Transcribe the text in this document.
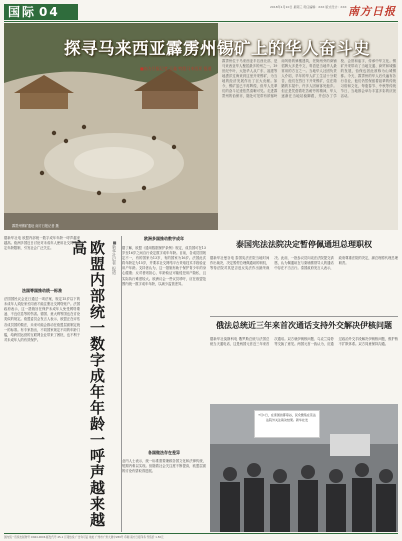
国际 04	2018年1月10日 星期三 责任编辑：XXX 版式设计：XXX 南方日报
探寻马来西亚霹雳州锡矿上的华人奋斗史
■南方日报记者 王鑫 特派马来西亚 报道
霹雳州锡矿遗址 南方日报记者 摄
霹雳州位于马来西亚半岛西北部，是马来西亚华人聚居最多的州之一。19世纪中叶，大批华人从广东、福建等地漂洋过海来到这里开采锡矿，为当地的经济发展作出了巨大贡献。如今，锡矿虽已不再辉煌，但华人先辈们的奋斗足迹依然清晰可见。走进霹雳州的怡保市，随处可见带有浓郁岭南风格的骑楼建筑，老街两旁的商铺招牌大多是中文，粤语是当地华人最常用的方言之一。当地华人社团负责人介绍，早年的华人矿工生活十分艰苦，他们在烈日下开采锡矿，住在简陋的木屋中，许多人因病客死他乡。但正是凭借着吃苦耐劳的精神，华人逐渐在当地站稳脚跟，并创办了学校、会馆和庙宇，传承中华文化。锡矿开采带动了当地交通、商贸和城镇的发展，怡保也因此被称为山城锡都。今天，霹雳州的华人后代遍布各行各业，他们仍然保留着祖辈的传统习俗和文化，每逢春节、中秋等传统节日，当地都会举办丰富多彩的庆祝活动。
据新华社电 欧盟内部统一数字成年年龄一呼声越来越高。欧洲多国近日讨论对未成年人使用社交网络设定年龄限制，引发社会广泛关注。
法国等国推动统一标准
法国国民议会近日通过一项法案，规定15岁以下的未成年人须经家长同意才能注册社交网络账户。法国政府表示，这一措施旨在保护未成年人免受网络欺凌、不良信息等的伤害。德国、意大利等国也在讨论类似的规定。欧盟委员会发言人表示，欧盟正在评估各成员国的做法，未来可能会推动在欧盟层面制定统一的标准。有专家指出，不同国家规定不同的年龄门槛，给跨国运营的互联网企业带来了困扰，也不利于对未成年人的有效保护。	欧盟内部统一数字成年年龄一呼声越来越高	■新华社记者 报道
欧洲多国推动数字成年
据了解，欧盟《通用数据保护条例》规定，成员国可在13岁至16岁之间自行设定数字成年年龄。目前，各成员国规定不一，有的国家为13岁，有的国家为16岁。法国此次将年龄定为15岁，并要求社交网络平台采取技术手段验证用户年龄。支持者认为，这一措施有助于保护青少年的身心健康；反对者则担心，年龄验证可能侵犯用户隐私，且实际执行难度较大。欧洲议会一些议员呼吁，应在欧盟范围内统一数字成年年龄，以减少监管差异。
各国做法存在差异
业内人士表示，统一标准需要兼顾各国文化和法律传统，短期内难以实现。但随着社会关注度不断提高，欧盟层面的讨论有望取得进展。
泰国宪法法院决定暂停佩通坦总理职权
据新华社曼谷电 泰国宪法法院当地时间作出裁决，决定暂停总理佩通坦的职权，等待法院对其是否违反宪法作出最终裁决。此前，一批参议员向宪法法院提交请愿，认为佩通坦在与柬埔寨领导人的通话中存在不当言行。泰国政府发言人表示，政府尊重法院的决定，副总理将代理总理职责。
俄法总统近三年来首次通话支持外交解决伊核问题
据新华社莫斯科电 俄罗斯总统与法国总统当天通电话，这是两国元首近三年来首次通话。双方就伊朗核问题、乌克兰局势等交换了意见。两国元首一致认为，应通过政治外交手段解决伊朗核问题，维护核不扩散体系。双方同意保持沟通。
7月1日，在泰国首都曼谷，民众聚集在宪法法院外关注裁决结果。新华社发
国内统一连续出版物号 CN44-0006 邮发代号 45-1 订阅热线 广告许可证 地址 广州市广州大道中289号 印刷 南方日报印务 零售价 1.50元
